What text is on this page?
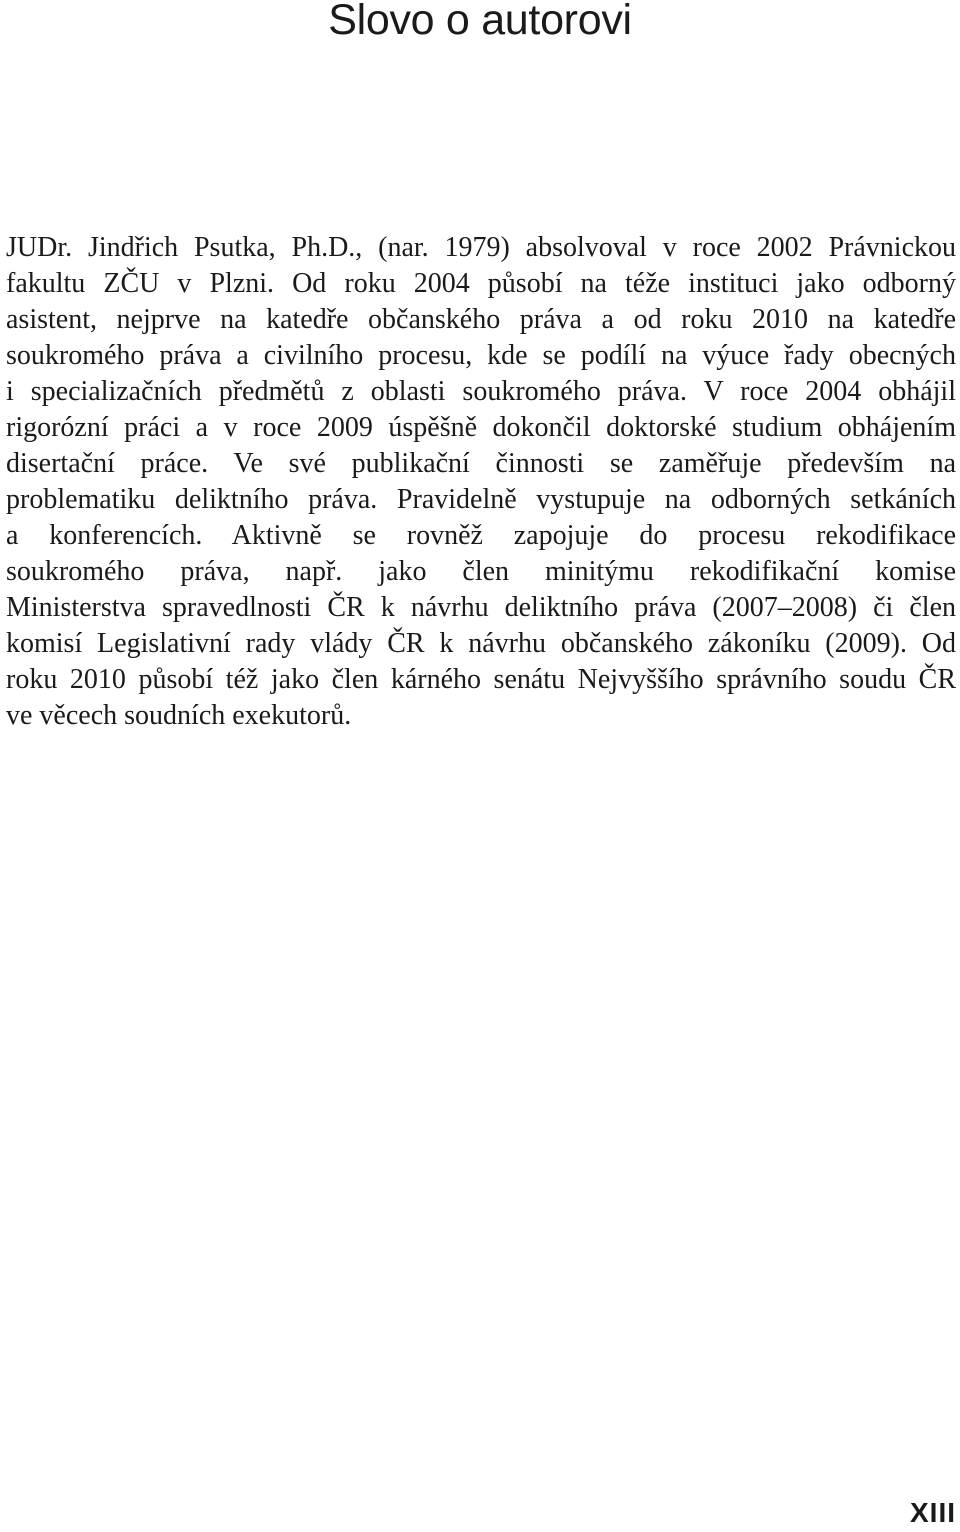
Slovo o autorovi
JUDr. Jindřich Psutka, Ph.D., (nar. 1979) absolvoval v roce 2002 Právnickou
fakultu ZČU v Plzni. Od roku 2004 působí na téže instituci jako odborný
asistent, nejprve na katedře občanského práva a od roku 2010 na katedře
soukromého práva a civilního procesu, kde se podílí na výuce řady obecných
i specializačních předmětů z oblasti soukromého práva. V roce 2004 obhájil
rigorózní práci a v roce 2009 úspěšně dokončil doktorské studium obhájením
disertační práce. Ve své publikační činnosti se zaměřuje především na
problematiku deliktního práva. Pravidelně vystupuje na odborných setkáních
a konferencích. Aktivně se rovněž zapojuje do procesu rekodifikace
soukromého práva, např. jako člen minitýmu rekodifikační komise
Ministerstva spravedlnosti ČR k návrhu deliktního práva (2007–2008) či člen
komisí Legislativní rady vlády ČR k návrhu občanského zákoníku (2009). Od
roku 2010 působí též jako člen kárného senátu Nejvyššího správního soudu ČR
ve věcech soudních exekutorů.
XIII
